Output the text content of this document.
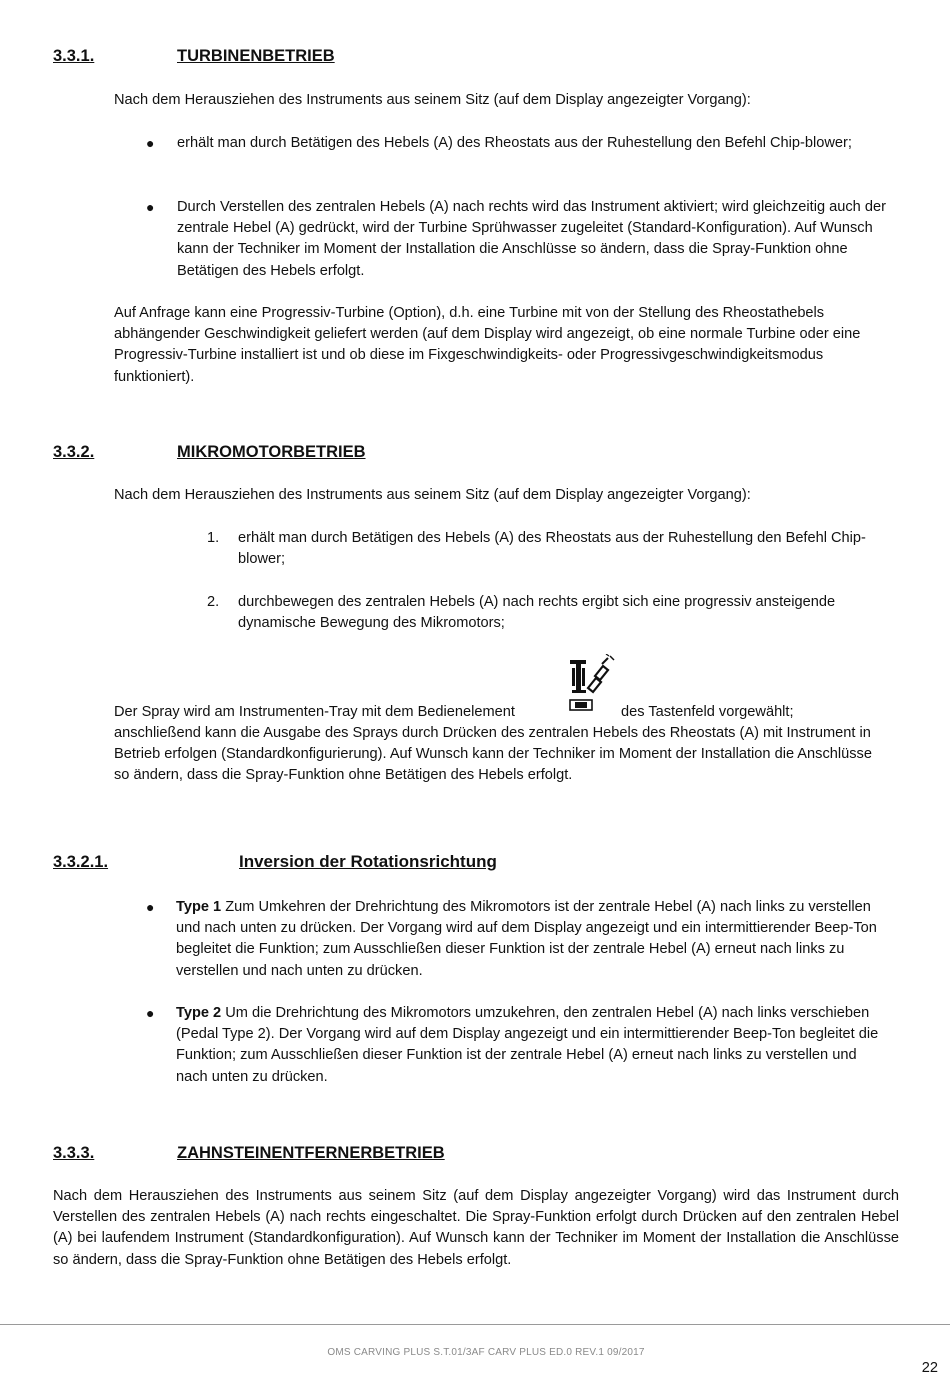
3.3.1.	TURBINENBETRIEB

Nach dem Herausziehen des Instruments aus seinem Sitz (auf dem Display angezeigter Vorgang):

● erhält man durch Betätigen des Hebels (A) des Rheostats aus der Ruhestellung den Befehl Chip-blower;

● Durch Verstellen des zentralen Hebels (A) nach rechts wird das Instrument aktiviert; wird gleichzeitig auch der zentrale Hebel (A) gedrückt, wird der Turbine Sprühwasser zugeleitet (Standard-Konfiguration). Auf Wunsch kann der Techniker im Moment der Installation die Anschlüsse so ändern, dass die Spray-Funktion ohne Betätigen des Hebels erfolgt.

Auf Anfrage kann eine Progressiv-Turbine (Option), d.h. eine Turbine mit von der Stellung des Rheostathebels abhängender Geschwindigkeit geliefert werden (auf dem Display wird angezeigt, ob eine normale Turbine oder eine Progressiv-Turbine installiert ist und ob diese im Fixgeschwindigkeits- oder Progressivgeschwindigkeitsmodus funktioniert).

3.3.2.	MIKROMOTORBETRIEB

Nach dem Herausziehen des Instruments aus seinem Sitz (auf dem Display angezeigter Vorgang):

1. erhält man durch Betätigen des Hebels (A) des Rheostats aus der Ruhestellung den Befehl Chip-blower;

2. durchbewegen des zentralen Hebels (A) nach rechts ergibt sich eine progressiv ansteigende dynamische Bewegung des Mikromotors;

Der Spray wird am Instrumenten-Tray mit dem Bedienelement	des Tastenfeld vorgewählt;

anschließend kann die Ausgabe des Sprays durch Drücken des zentralen Hebels des Rheostats (A) mit Instrument in Betrieb erfolgen (Standardkonfigurierung). Auf Wunsch kann der Techniker im Moment der Installation die Anschlüsse so ändern, dass die Spray-Funktion ohne Betätigen des Hebels erfolgt.

3.3.2.1.	Inversion der Rotationsrichtung
● Type 1 Zum Umkehren der Drehrichtung des Mikromotors ist der zentrale Hebel (A) nach links zu verstellen und nach unten zu drücken. Der Vorgang wird auf dem Display angezeigt und ein intermittierender Beep-Ton begleitet die Funktion; zum Ausschließen dieser Funktion ist der zentrale Hebel (A) erneut nach links zu verstellen und nach unten zu drücken.

● Type 2 Um die Drehrichtung des Mikromotors umzukehren, den zentralen Hebel (A) nach links verschieben (Pedal Type 2). Der Vorgang wird auf dem Display angezeigt und ein intermittierender Beep-Ton begleitet die Funktion; zum Ausschließen dieser Funktion ist der zentrale Hebel (A) erneut nach links zu verstellen und nach unten zu drücken.

3.3.3.	ZAHNSTEINENTFERNERBETRIEB

Nach dem Herausziehen des Instruments aus seinem Sitz (auf dem Display angezeigter Vorgang) wird das Instrument durch Verstellen des zentralen Hebels (A) nach rechts eingeschaltet. Die Spray-Funktion erfolgt durch Drücken auf den zentralen Hebel (A) bei laufendem Instrument (Standardkonfiguration). Auf Wunsch kann der Techniker im Moment der Installation die Anschlüsse so ändern, dass die Spray-Funktion ohne Betätigen des Hebels erfolgt.

OMS CARVING PLUS S.T.01/3AF CARV PLUS ED.0 REV.1 09/2017
22
